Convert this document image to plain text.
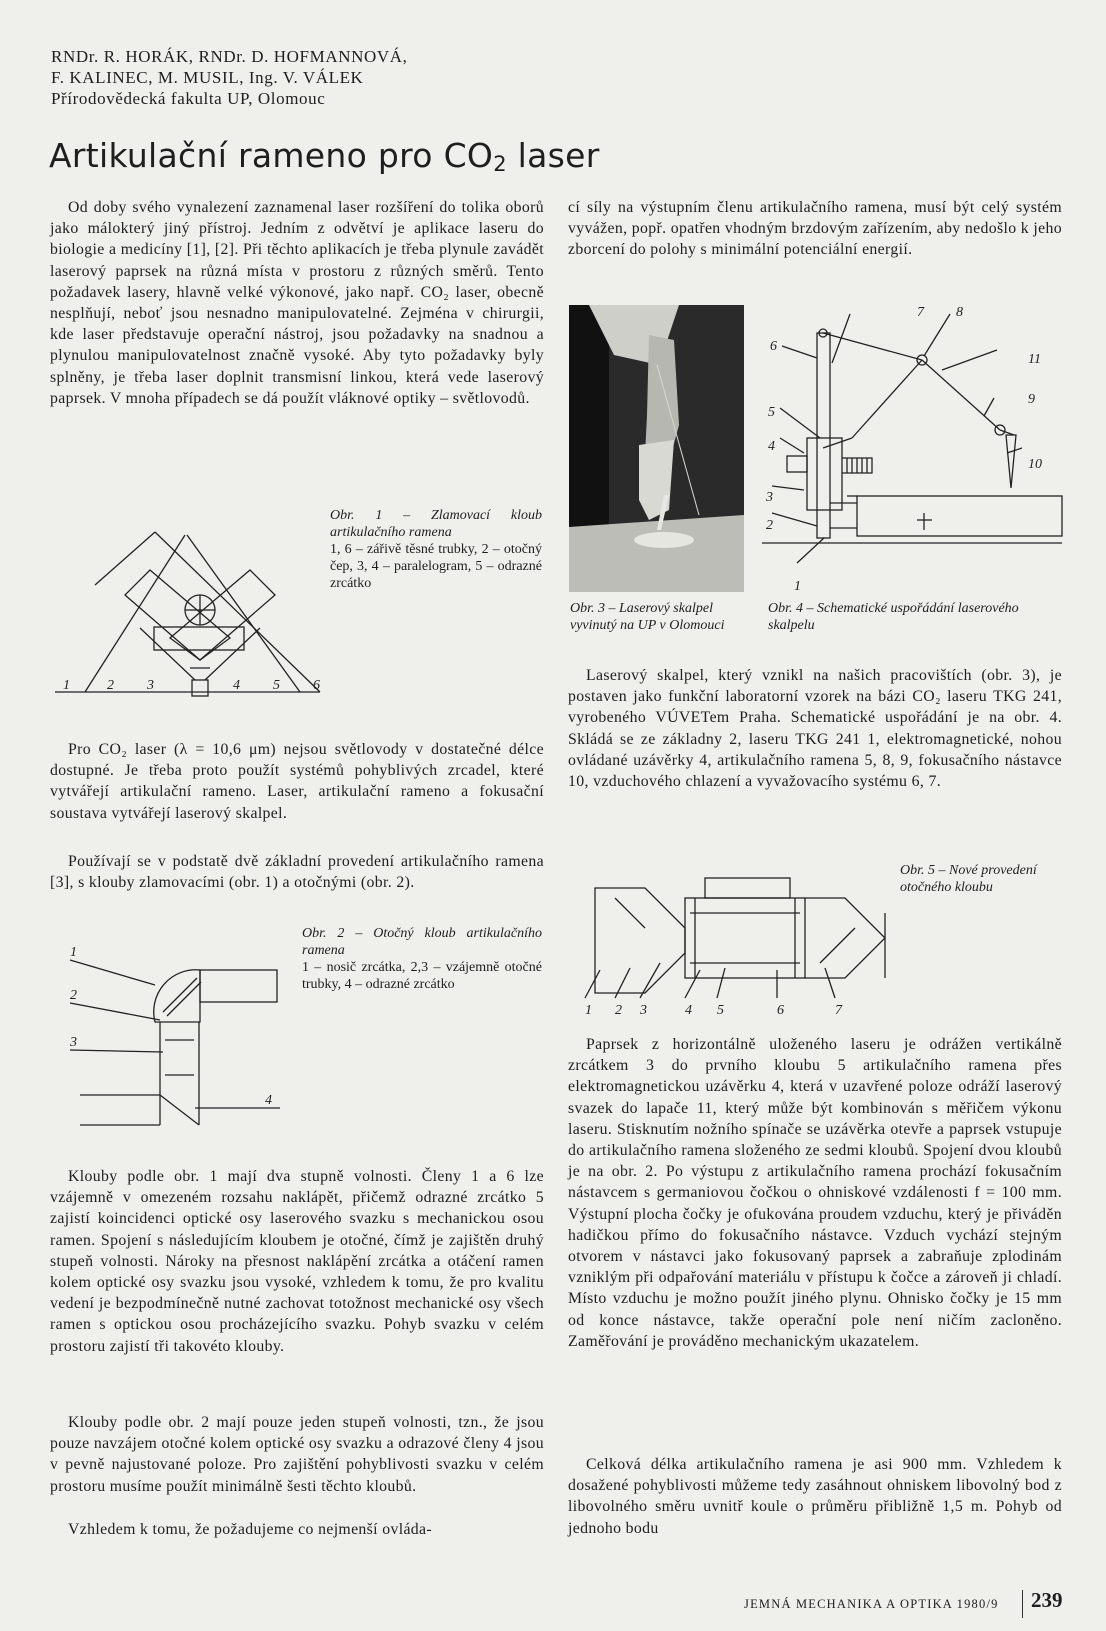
RNDr. R. HORÁK, RNDr. D. HOFMANNOVÁ,
F. KALINEC, M. MUSIL, Ing. V. VÁLEK
Přírodovědecká fakulta UP, Olomouc
Artikulační rameno pro $CO_2$ laser

Od doby svého vynalezení zaznamenal laser rozšíření do tolika oborů jako málokterý jiný přístroj. Jedním z odvětví je aplikace laseru do biologie a medicíny [1], [2]. Při těchto aplikacích je třeba plynule zavádět laserový paprsek na různá místa v prostoru z různých směrů. Tento požadavek lasery, hlavně velké výkonové, jako např. CO₂ laser, obecně nesplňují, neboť jsou nesnadno manipulovatelné. Zejména v chirurgii, kde laser představuje operační nástroj, jsou požadavky na snadnou a plynulou manipulovatelnost značně vysoké. Aby tyto požadavky byly splněny, je třeba laser doplnit transmisní linkou, která vede laserový paprsek. V mnoha případech se dá použít vláknové optiky – světlovodů.

1	2 3	4 5 6
Obr. 1 – Zlamovací kloub artikulačního ramena
1, 6 – zářivě těsné trubky, 2 – otočný čep, 3, 4 – paralelogram, 5 – odrazné zrcátko

Pro CO₂ laser (λ = 10,6 μm) nejsou světlovody v dostatečné délce dostupné. Je třeba proto použít systémů pohyblivých zrcadel, které vytvářejí artikulační rameno. Laser, artikulační rameno a fokusační soustava vytvářejí laserový skalpel.

Používají se v podstatě dvě základní provedení artikulačního ramena [3], s klouby zlamovacími (obr. 1) a otočnými (obr. 2).

1
2
3
4
Obr. 2 – Otočný kloub artikulačního ramena
1 – nosič zrcátka, 2,3 – vzájemně otočné trubky, 4 – odrazné zrcátko

Klouby podle obr. 1 mají dva stupně volnosti. Členy 1 a 6 lze vzájemně v omezeném rozsahu naklápět, přičemž odrazné zrcátko 5 zajistí koincidenci optické osy laserového svazku s mechanickou osou ramen. Spojení s následujícím kloubem je otočné, čímž je zajištěn druhý stupeň volnosti. Nároky na přesnost naklápění zrcátka a otáčení ramen kolem optické osy svazku jsou vysoké, vzhledem k tomu, že pro kvalitu vedení je bezpodmínečně nutné zachovat totožnost mechanické osy všech ramen s optickou osou procházejícího svazku. Pohyb svazku v celém prostoru zajistí tři takovéto klouby.

Klouby podle obr. 2 mají pouze jeden stupeň volnosti, tzn., že jsou pouze navzájem otočné kolem optické osy svazku a odrazové členy 4 jsou v pevně najustované poloze. Pro zajištění pohyblivosti svazku v celém prostoru musíme použít minimálně šesti těchto kloubů.

Vzhledem k tomu, že požadujeme co nejmenší ovláda-

cí síly na výstupním členu artikulačního ramena, musí být celý systém vyvážen, popř. opatřen vhodným brzdovým zařízením, aby nedošlo k jeho zborcení do polohy s minimální potenciální energií.

1
2
3
4
5
6
7 8
9
10
11
Obr. 3 – Laserový skalpel vyvinutý na UP v Olomouci
Obr. 4 – Schematické uspořádání laserového skalpelu

Laserový skalpel, který vznikl na našich pracovištích (obr. 3), je postaven jako funkční laboratorní vzorek na bázi CO₂ laseru TKG 241, vyrobeného VÚVETem Praha. Schematické uspořádání je na obr. 4. Skládá se ze základny 2, laseru TKG 241 1, elektromagnetické, nohou ovládané uzávěrky 4, artikulačního ramena 5, 8, 9, fokusačního nástavce 10, vzduchového chlazení a vyvažovacího systému 6, 7.

1 2 3	4 5	6	7
Obr. 5 – Nové provedení otočného kloubu

Paprsek z horizontálně uloženého laseru je odrážen vertikálně zrcátkem 3 do prvního kloubu 5 artikulačního ramena přes elektromagnetickou uzávěrku 4, která v uzavřené poloze odráží laserový svazek do lapače 11, který může být kombinován s měřičem výkonu laseru. Stisknutím nožního spínače se uzávěrka otevře a paprsek vstupuje do artikulačního ramena složeného ze sedmi kloubů. Spojení dvou kloubů je na obr. 2. Po výstupu z artikulačního ramena prochází fokusačním nástavcem s germaniovou čočkou o ohniskové vzdálenosti f = 100 mm. Výstupní plocha čočky je ofukována proudem vzduchu, který je přiváděn hadičkou přímo do fokusačního nástavce. Vzduch vychází stejným otvorem v nástavci jako fokusovaný paprsek a zabraňuje zplodinám vzniklým při odpařování materiálu v přístupu k čočce a zároveň ji chladí. Místo vzduchu je možno použít jiného plynu. Ohnisko čočky je 15 mm od konce nástavce, takže operační pole není ničím zacloněno. Zaměřování je prováděno mechanickým ukazatelem.

Celková délka artikulačního ramena je asi 900 mm. Vzhledem k dosažené pohyblivosti můžeme tedy zasáhnout ohniskem libovolný bod z libovolného směru uvnitř koule o průměru přibližně 1,5 m. Pohyb od jednoho bodu

JEMNÁ MECHANIKA A OPTIKA 1980/9 239
